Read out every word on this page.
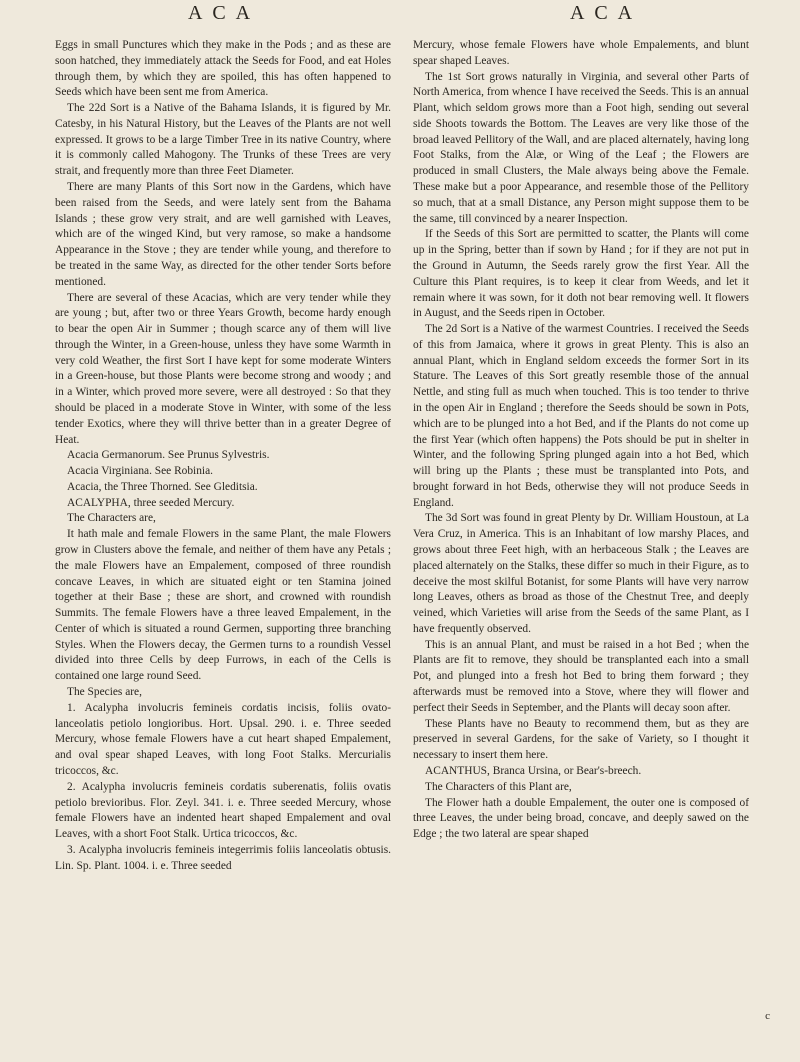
A C A	A C A

Eggs in small Punctures which they make in the Pods ; and as these are soon hatched, they immediately attack the Seeds for Food, and eat Holes through them, by which they are spoiled, this has often happened to Seeds which have been sent me from America.

The 22d Sort is a Native of the Bahama Islands, it is figured by Mr. Catesby, in his Natural History, but the Leaves of the Plants are not well expressed. It grows to be a large Timber Tree in its native Country, where it is commonly called Mahogony. The Trunks of these Trees are very strait, and frequently more than three Feet Diameter.

There are many Plants of this Sort now in the Gardens, which have been raised from the Seeds, and were lately sent from the Bahama Islands ; these grow very strait, and are well garnished with Leaves, which are of the winged Kind, but very ramose, so make a handsome Appearance in the Stove ; they are tender while young, and therefore to be treated in the same Way, as directed for the other tender Sorts before mentioned.

There are several of these Acacias, which are very tender while they are young ; but, after two or three Years Growth, become hardy enough to bear the open Air in Summer ; though scarce any of them will live through the Winter, in a Green-house, unless they have some Warmth in very cold Weather, the first Sort I have kept for some moderate Winters in a Green-house, but those Plants were become strong and woody ; and in a Winter, which proved more severe, were all destroyed : So that they should be placed in a moderate Stove in Winter, with some of the less tender Exotics, where they will thrive better than in a greater Degree of Heat.

Acacia Germanorum. See Prunus Sylvestris.

Acacia Virginiana. See Robinia.

Acacia, the Three Thorned. See Gleditsia.

ACALYPHA, three seeded Mercury.

The Characters are,

It hath male and female Flowers in the same Plant, the male Flowers grow in Clusters above the female, and neither of them have any Petals ; the male Flowers have an Empalement, composed of three roundish concave Leaves, in which are situated eight or ten Stamina joined together at their Base ; these are short, and crowned with roundish Summits. The female Flowers have a three leaved Empalement, in the Center of which is situated a round Germen, supporting three branching Styles. When the Flowers decay, the Germen turns to a roundish Vessel divided into three Cells by deep Furrows, in each of the Cells is contained one large round Seed.

The Species are,

1. Acalypha involucris femineis cordatis incisis, foliis ovato-lanceolatis petiolo longioribus. Hort. Upsal. 290. i. e. Three seeded Mercury, whose female Flowers have a cut heart shaped Empalement, and oval spear shaped Leaves, with long Foot Stalks. Mercurialis tricoccos, &c.

2. Acalypha involucris femineis cordatis suberenatis, foliis ovatis petiolo brevioribus. Flor. Zeyl. 341. i. e. Three seeded Mercury, whose female Flowers have an indented heart shaped Empalement and oval Leaves, with a short Foot Stalk. Urtica tricoccos, &c.

3. Acalypha involucris femineis integerrimis foliis lanceolatis obtusis. Lin. Sp. Plant. 1004. i. e. Three seeded

Mercury, whose female Flowers have whole Empalements, and blunt spear shaped Leaves.

The 1st Sort grows naturally in Virginia, and several other Parts of North America, from whence I have received the Seeds. This is an annual Plant, which seldom grows more than a Foot high, sending out several side Shoots towards the Bottom. The Leaves are very like those of the broad leaved Pellitory of the Wall, and are placed alternately, having long Foot Stalks, from the Alæ, or Wing of the Leaf ; the Flowers are produced in small Clusters, the Male always being above the Female. These make but a poor Appearance, and resemble those of the Pellitory so much, that at a small Distance, any Person might suppose them to be the same, till convinced by a nearer Inspection.

If the Seeds of this Sort are permitted to scatter, the Plants will come up in the Spring, better than if sown by Hand ; for if they are not put in the Ground in Autumn, the Seeds rarely grow the first Year. All the Culture this Plant requires, is to keep it clear from Weeds, and let it remain where it was sown, for it doth not bear removing well. It flowers in August, and the Seeds ripen in October.

The 2d Sort is a Native of the warmest Countries. I received the Seeds of this from Jamaica, where it grows in great Plenty. This is also an annual Plant, which in England seldom exceeds the former Sort in its Stature. The Leaves of this Sort greatly resemble those of the annual Nettle, and sting full as much when touched. This is too tender to thrive in the open Air in England ; therefore the Seeds should be sown in Pots, which are to be plunged into a hot Bed, and if the Plants do not come up the first Year (which often happens) the Pots should be put in shelter in Winter, and the following Spring plunged again into a hot Bed, which will bring up the Plants ; these must be transplanted into Pots, and brought forward in hot Beds, otherwise they will not produce Seeds in England.

The 3d Sort was found in great Plenty by Dr. William Houstoun, at La Vera Cruz, in America. This is an Inhabitant of low marshy Places, and grows about three Feet high, with an herbaceous Stalk ; the Leaves are placed alternately on the Stalks, these differ so much in their Figure, as to deceive the most skilful Botanist, for some Plants will have very narrow long Leaves, others as broad as those of the Chestnut Tree, and deeply veined, which Varieties will arise from the Seeds of the same Plant, as I have frequently observed.

This is an annual Plant, and must be raised in a hot Bed ; when the Plants are fit to remove, they should be transplanted each into a small Pot, and plunged into a fresh hot Bed to bring them forward ; they afterwards must be removed into a Stove, where they will flower and perfect their Seeds in September, and the Plants will decay soon after.

These Plants have no Beauty to recommend them, but as they are preserved in several Gardens, for the sake of Variety, so I thought it necessary to insert them here.

ACANTHUS, Branca Ursina, or Bear's-breech.

The Characters of this Plant are,

The Flower hath a double Empalement, the outer one is composed of three Leaves, the under being broad, concave, and deeply sawed on the Edge ; the two lateral are spear shaped

c
